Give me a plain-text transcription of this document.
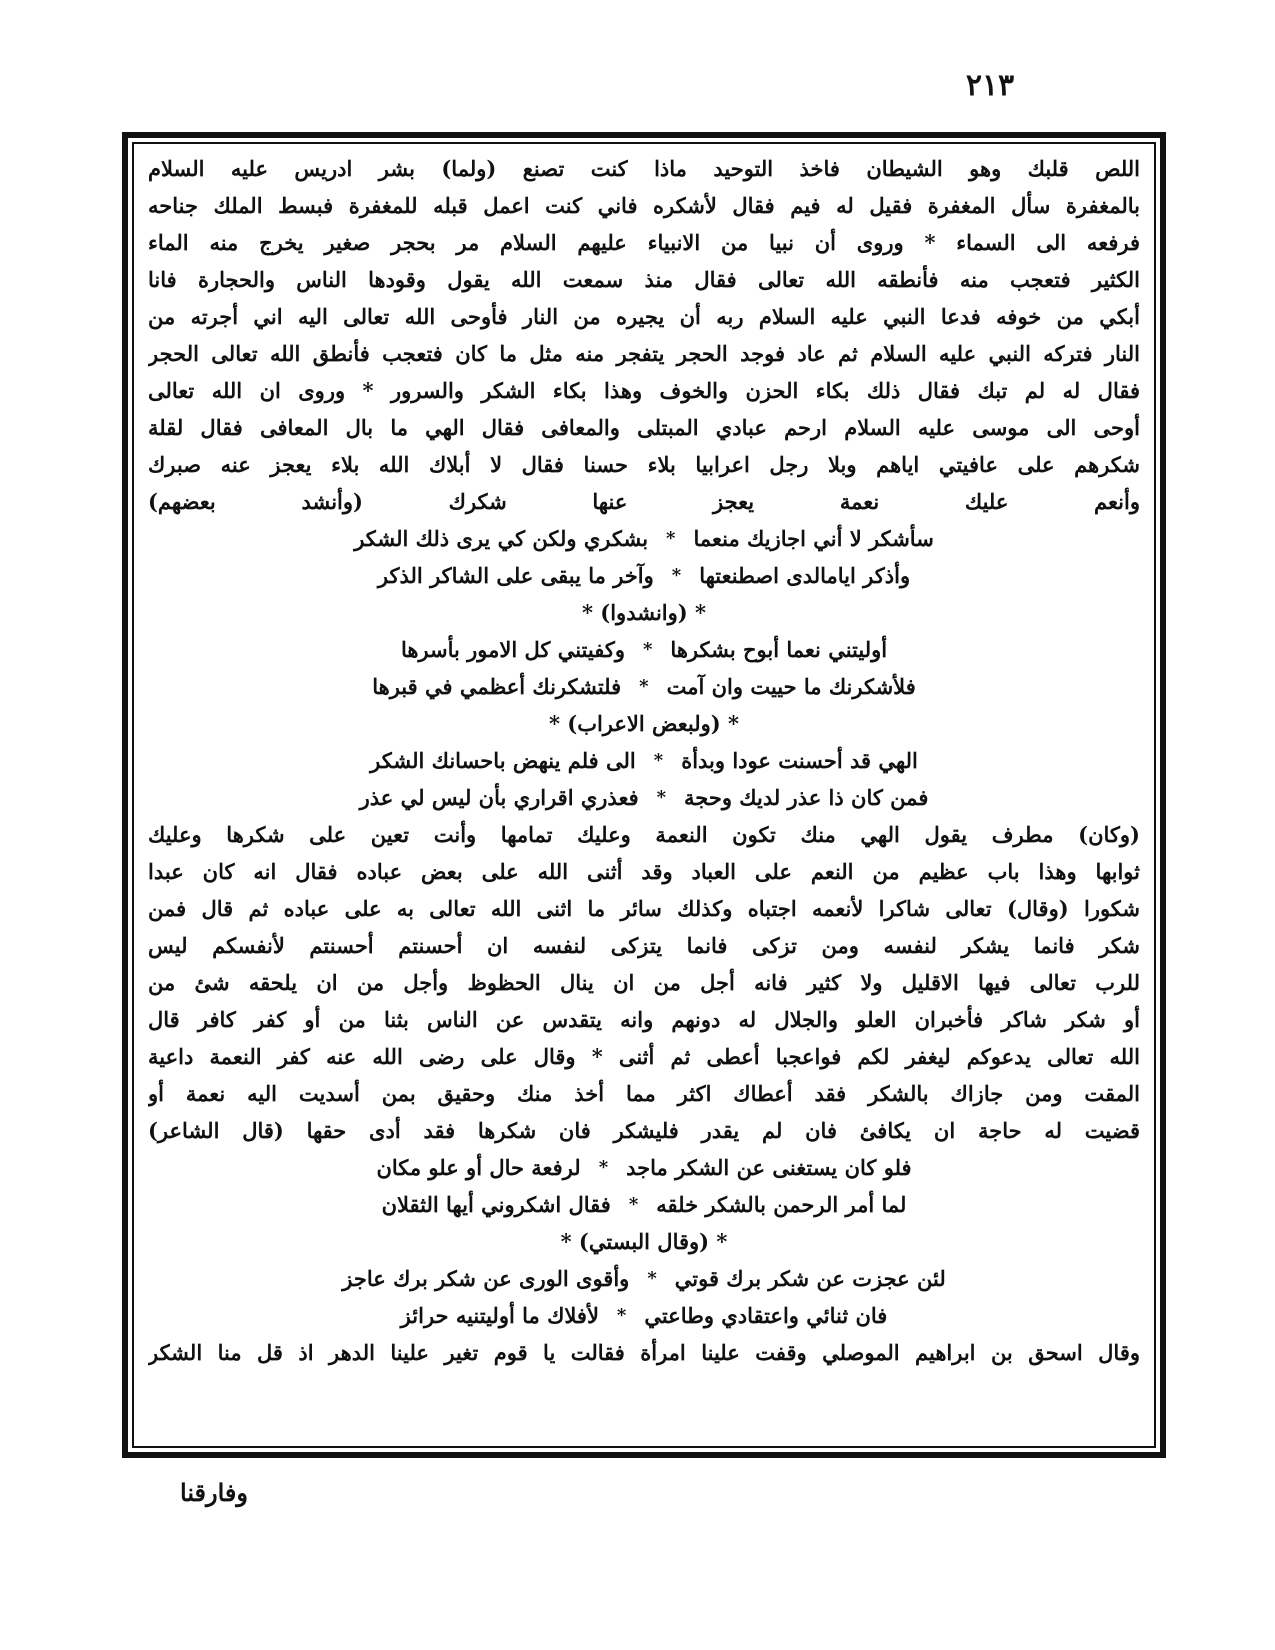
٢١٣
اللص قلبك وهو الشيطان فاخذ التوحيد ماذا كنت تصنع (ولما) بشر ادريس عليه السلام
بالمغفرة سأل المغفرة فقيل له فيم فقال لأشكره فاني كنت اعمل قبله للمغفرة فبسط الملك جناحه
فرفعه الى السماء * وروى أن نبيا من الانبياء عليهم السلام مر بحجر صغير يخرج منه الماء
الكثير فتعجب منه فأنطقه الله تعالى فقال منذ سمعت الله يقول وقودها الناس والحجارة فانا
أبكي من خوفه فدعا النبي عليه السلام ربه أن يجيره من النار فأوحى الله تعالى اليه اني أجرته من
النار فتركه النبي عليه السلام ثم عاد فوجد الحجر يتفجر منه مثل ما كان فتعجب فأنطق الله تعالى الحجر
فقال له لم تبك فقال ذلك بكاء الحزن والخوف وهذا بكاء الشكر والسرور * وروى ان الله تعالى
أوحى الى موسى عليه السلام ارحم عبادي المبتلى والمعافى فقال الهي ما بال المعافى فقال لقلة
شكرهم على عافيتي اياهم وبلا رجل اعرابيا بلاء حسنا فقال لا أبلاك الله بلاء يعجز عنه صبرك
وأنعم عليك نعمة يعجز عنها شكرك (وأنشد بعضهم)
سأشكر لا أني اجازيك منعما
*
بشكري ولكن كي يرى ذلك الشكر
وأذكر ايامالدى اصطنعتها
*
وآخر ما يبقى على الشاكر الذكر
* (وانشدوا) *
أوليتني نعما أبوح بشكرها
*
وكفيتني كل الامور بأسرها
فلأشكرنك ما حييت وان آمت
*
فلتشكرنك أعظمي في قبرها
* (ولبعض الاعراب) *
الهي قد أحسنت عودا وبدأة
*
الى فلم ينهض باحسانك الشكر
فمن كان ذا عذر لديك وحجة
*
فعذري اقراري بأن ليس لي عذر
(وكان) مطرف يقول الهي منك تكون النعمة وعليك تمامها وأنت تعين على شكرها وعليك
ثوابها وهذا باب عظيم من النعم على العباد وقد أثنى الله على بعض عباده فقال انه كان عبدا
شكورا (وقال) تعالى شاكرا لأنعمه اجتباه وكذلك سائر ما اثنى الله تعالى به على عباده ثم قال فمن
شكر فانما يشكر لنفسه ومن تزكى فانما يتزكى لنفسه ان أحسنتم أحسنتم لأنفسكم ليس
للرب تعالى فيها الاقليل ولا كثير فانه أجل من ان ينال الحظوظ وأجل من ان يلحقه شئ من
أو شكر شاكر فأخبران العلو والجلال له دونهم وانه يتقدس عن الناس بثنا من أو كفر كافر قال
الله تعالى يدعوكم ليغفر لكم فواعجبا أعطى ثم أثنى * وقال على رضى الله عنه كفر النعمة داعية
المقت ومن جازاك بالشكر فقد أعطاك اكثر مما أخذ منك وحقيق بمن أسديت اليه نعمة أو
قضيت له حاجة ان يكافئ فان لم يقدر فليشكر فان شكرها فقد أدى حقها (قال الشاعر)
فلو كان يستغنى عن الشكر ماجد
*
لرفعة حال أو علو مكان
لما أمر الرحمن بالشكر خلقه
*
فقال اشكروني أيها الثقلان
* (وقال البستي) *
لئن عجزت عن شكر برك قوتي
*
وأقوى الورى عن شكر برك عاجز
فان ثنائي واعتقادي وطاعتي
*
لأفلاك ما أوليتنيه حرائز
وقال اسحق بن ابراهيم الموصلي وقفت علينا امرأة فقالت يا قوم تغير علينا الدهر اذ قل منا الشكر
وفارقنا
